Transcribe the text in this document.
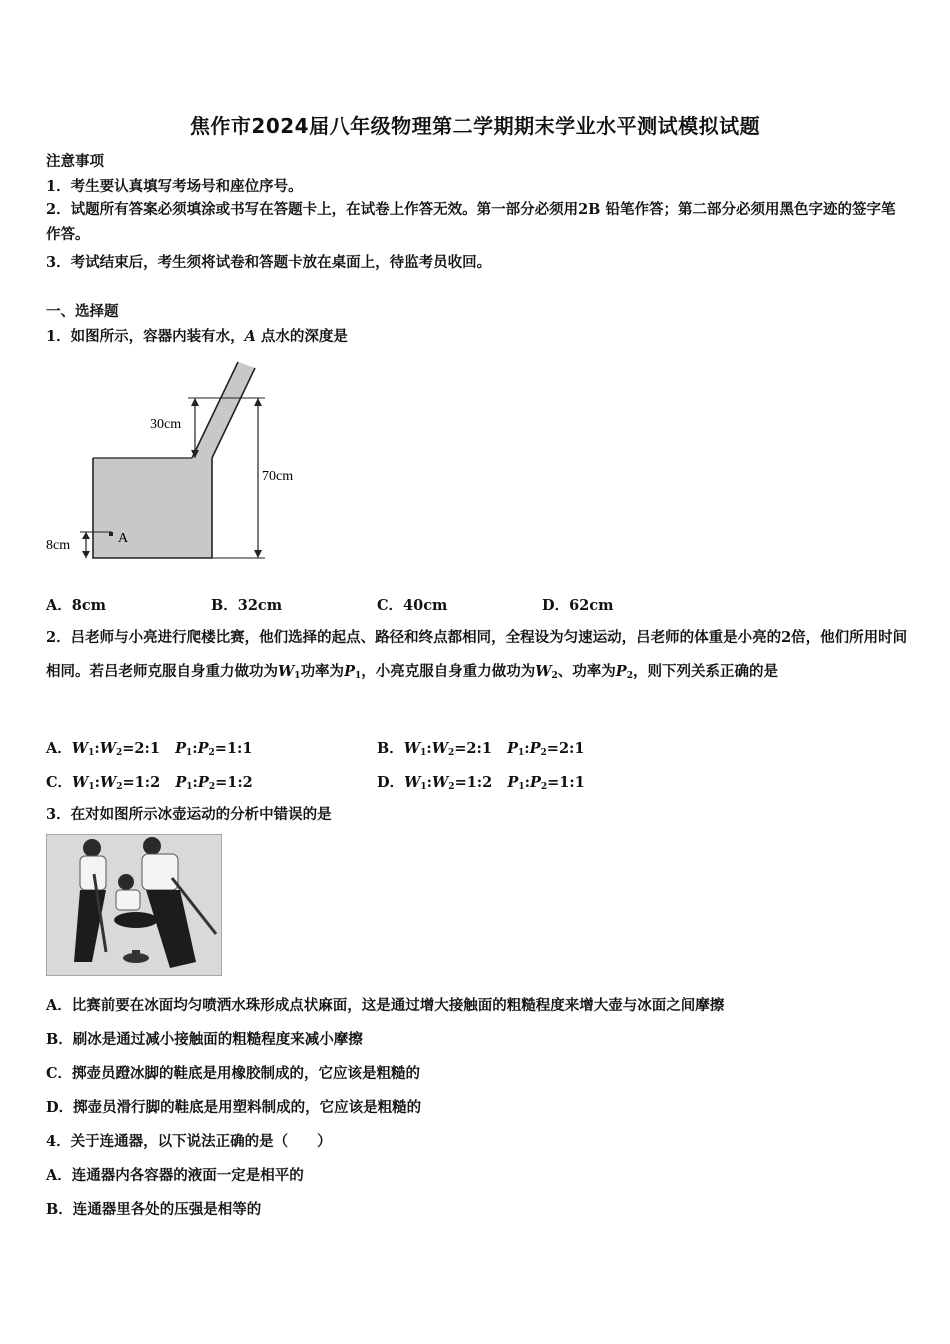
焦作市2024届八年级物理第二学期期末学业水平测试模拟试题
注意事项
1．考生要认真填写考场号和座位序号。
2．试题所有答案必须填涂或书写在答题卡上，在试卷上作答无效。第一部分必须用2B 铅笔作答；第二部分必须用黑色字迹的签字笔作答。
3．考试结束后，考生须将试卷和答题卡放在桌面上，待监考员收回。
一、选择题
1．如图所示，容器内装有水，A 点水的深度是
30cm
70cm
8cm	A
A．8cm	B．32cm	C．40cm	D．62cm
2．吕老师与小亮进行爬楼比赛，他们选择的起点、路径和终点都相同，全程设为匀速运动，吕老师的体重是小亮的2倍，他们所用时间相同。若吕老师克服自身重力做功为$W_1$功率为$P_1$，小亮克服自身重力做功为$W_2$、功率为$P_2$，则下列关系正确的是
A．$W_1:W_2=2:1$ $P_1:P_2=1:1$	B．$W_1:W_2=2:1$ $P_1:P_2=2:1$
C．$W_1:W_2=1:2$ $P_1:P_2=1:2$	D．$W_1:W_2=1:2$ $P_1:P_2=1:1$
3．在对如图所示冰壶运动的分析中错误的是
A．比赛前要在冰面均匀喷洒水珠形成点状麻面，这是通过增大接触面的粗糙程度来增大壶与冰面之间摩擦
B．刷冰是通过减小接触面的粗糙程度来减小摩擦
C．掷壶员蹬冰脚的鞋底是用橡胶制成的，它应该是粗糙的
D．掷壶员滑行脚的鞋底是用塑料制成的，它应该是粗糙的
4．关于连通器，以下说法正确的是（　　）
A．连通器内各容器的液面一定是相平的
B．连通器里各处的压强是相等的
